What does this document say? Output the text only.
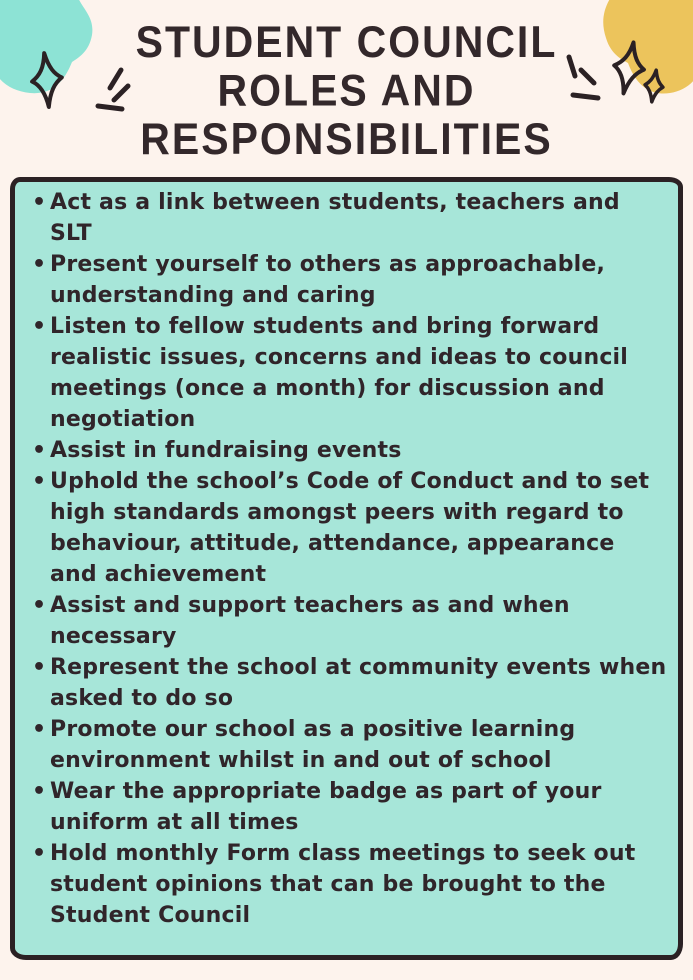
STUDENT COUNCIL
ROLES AND
RESPONSIBILITIES
• Act as a link between students, teachers and SLT
• Present yourself to others as approachable, understanding and caring
• Listen to fellow students and bring forward realistic issues, concerns and ideas to council meetings (once a month) for discussion and negotiation
• Assist in fundraising events
• Uphold the school’s Code of Conduct and to set high standards amongst peers with regard to behaviour, attitude, attendance, appearance and achievement
• Assist and support teachers as and when necessary
• Represent the school at community events when asked to do so
• Promote our school as a positive learning environment whilst in and out of school
• Wear the appropriate badge as part of your uniform at all times
• Hold monthly Form class meetings to seek out student opinions that can be brought to the Student Council
